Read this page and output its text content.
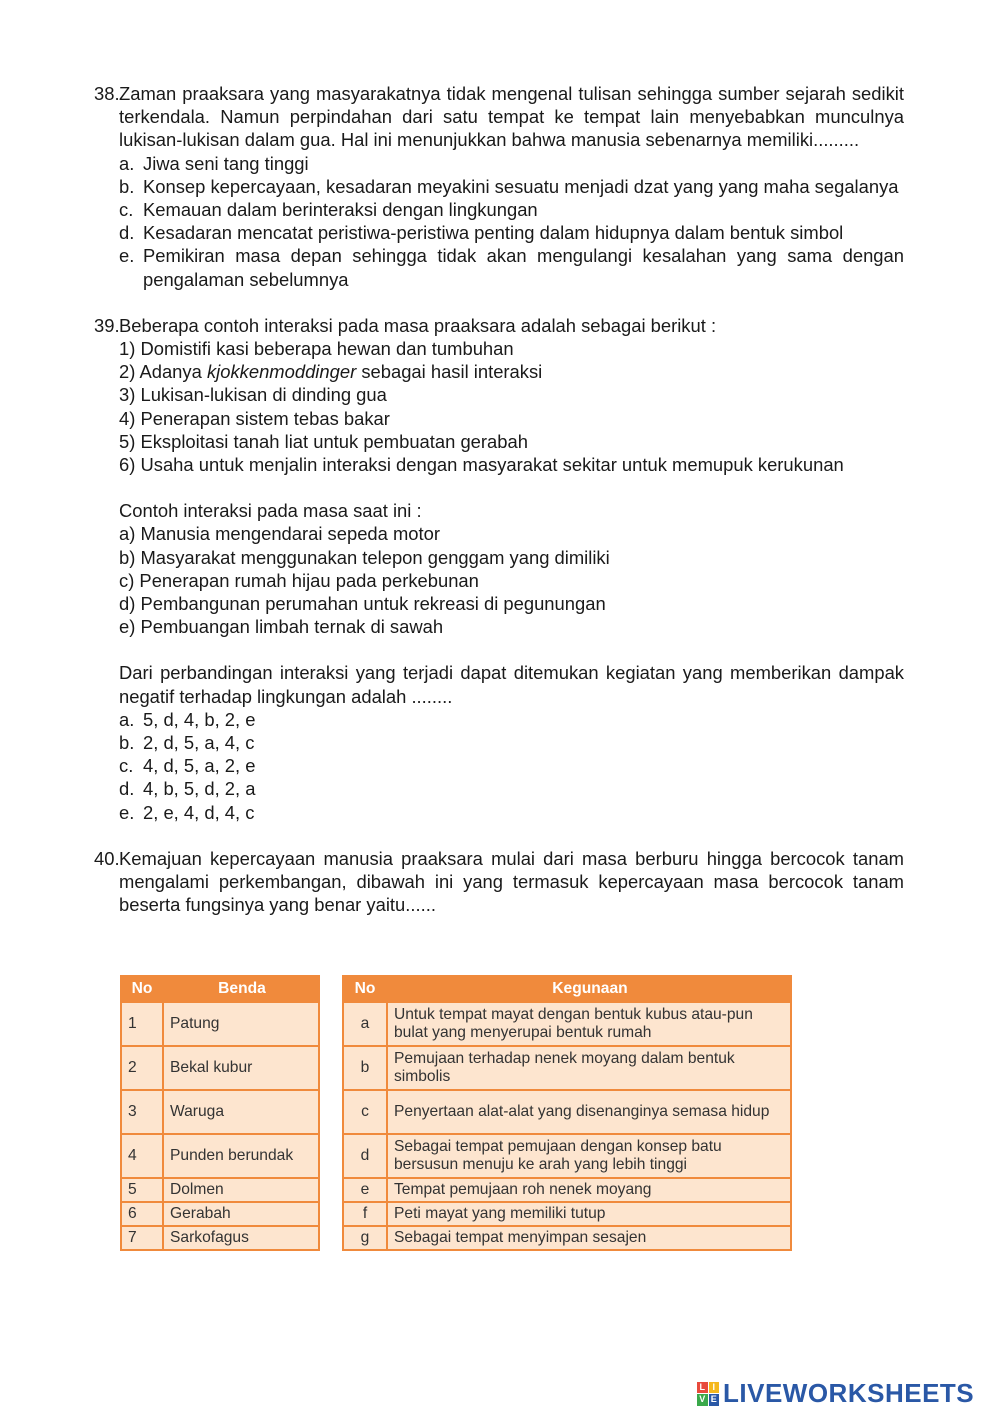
38. Zaman praaksara yang masyarakatnya tidak mengenal tulisan sehingga sumber sejarah sedikit terkendala. Namun perpindahan dari satu tempat ke tempat lain menyebabkan munculnya lukisan-lukisan dalam gua. Hal ini menunjukkan bahwa manusia sebenarnya memiliki.........
a. Jiwa seni tang tinggi
b. Konsep kepercayaan, kesadaran meyakini sesuatu menjadi dzat yang yang maha segalanya
c. Kemauan dalam berinteraksi dengan lingkungan
d. Kesadaran mencatat peristiwa-peristiwa penting dalam hidupnya dalam bentuk simbol
e. Pemikiran masa depan sehingga tidak akan mengulangi kesalahan yang sama dengan pengalaman sebelumnya
39. Beberapa contoh interaksi pada masa praaksara adalah sebagai berikut :
1) Domistifi kasi beberapa hewan dan tumbuhan
2) Adanya kjokkenmoddinger sebagai hasil interaksi
3) Lukisan-lukisan di dinding gua
4) Penerapan sistem tebas bakar
5) Eksploitasi tanah liat untuk pembuatan gerabah
6) Usaha untuk menjalin interaksi dengan masyarakat sekitar untuk memupuk kerukunan
Contoh interaksi pada masa saat ini :
a) Manusia mengendarai sepeda motor
b) Masyarakat menggunakan telepon genggam yang dimiliki
c) Penerapan rumah hijau pada perkebunan
d) Pembangunan perumahan untuk rekreasi di pegunungan
e) Pembuangan limbah ternak di sawah
Dari perbandingan interaksi yang terjadi dapat ditemukan kegiatan yang memberikan dampak negatif terhadap lingkungan adalah ........
a. 5, d, 4, b, 2, e
b. 2, d, 5, a, 4, c
c. 4, d, 5, a, 2, e
d. 4, b, 5, d, 2, a
e. 2, e, 4, d, 4, c
40. Kemajuan kepercayaan manusia praaksara mulai dari masa berburu hingga bercocok tanam mengalami perkembangan, dibawah ini yang termasuk kepercayaan masa bercocok tanam beserta fungsinya yang benar yaitu......
No	Benda
1	Patung
2	Bekal kubur
3	Waruga
4	Punden berundak
5	Dolmen
6	Gerabah
7	Sarkofagus
No	Kegunaan
a	Untuk tempat mayat dengan bentuk kubus atau-pun bulat yang menyerupai bentuk rumah
b	Pemujaan terhadap nenek moyang dalam bentuk simbolis
c	Penyertaan alat-alat yang disenanginya semasa hidup
d	Sebagai tempat pemujaan dengan konsep batu bersusun menuju ke arah yang lebih tinggi
e	Tempat pemujaan roh nenek moyang
f	Peti mayat yang memiliki tutup
g	Sebagai tempat menyimpan sesajen
L I
V E LIVEWORKSHEETS
